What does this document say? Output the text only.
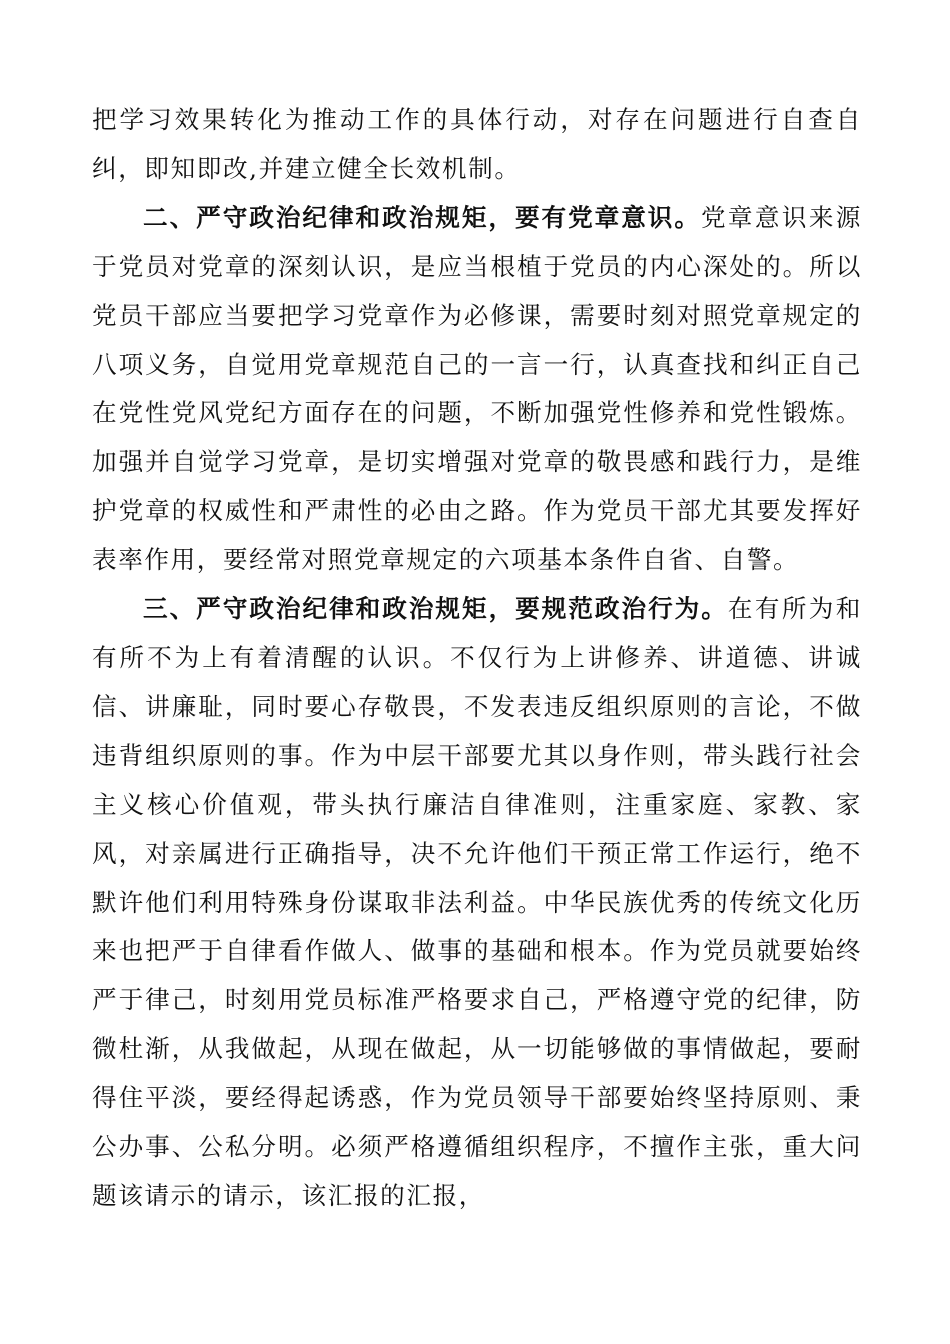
把学习效果转化为推动工作的具体行动，对存在问题进行自查自纠，即知即改,并建立健全长效机制。

二、严守政治纪律和政治规矩，要有党章意识。党章意识来源于党员对党章的深刻认识，是应当根植于党员的内心深处的。所以党员干部应当要把学习党章作为必修课，需要时刻对照党章规定的八项义务，自觉用党章规范自己的一言一行，认真查找和纠正自己在党性党风党纪方面存在的问题，不断加强党性修养和党性锻炼。加强并自觉学习党章，是切实增强对党章的敬畏感和践行力，是维护党章的权威性和严肃性的必由之路。作为党员干部尤其要发挥好表率作用，要经常对照党章规定的六项基本条件自省、自警。

三、严守政治纪律和政治规矩，要规范政治行为。在有所为和有所不为上有着清醒的认识。不仅行为上讲修养、讲道德、讲诚信、讲廉耻，同时要心存敬畏，不发表违反组织原则的言论，不做违背组织原则的事。作为中层干部要尤其以身作则，带头践行社会主义核心价值观，带头执行廉洁自律准则，注重家庭、家教、家风，对亲属进行正确指导，决不允许他们干预正常工作运行，绝不默许他们利用特殊身份谋取非法利益。中华民族优秀的传统文化历来也把严于自律看作做人、做事的基础和根本。作为党员就要始终严于律己，时刻用党员标准严格要求自己，严格遵守党的纪律，防微杜渐，从我做起，从现在做起，从一切能够做的事情做起，要耐得住平淡，要经得起诱惑，作为党员领导干部要始终坚持原则、秉公办事、公私分明。必须严格遵循组织程序，不擅作主张，重大问题该请示的请示，该汇报的汇报，
